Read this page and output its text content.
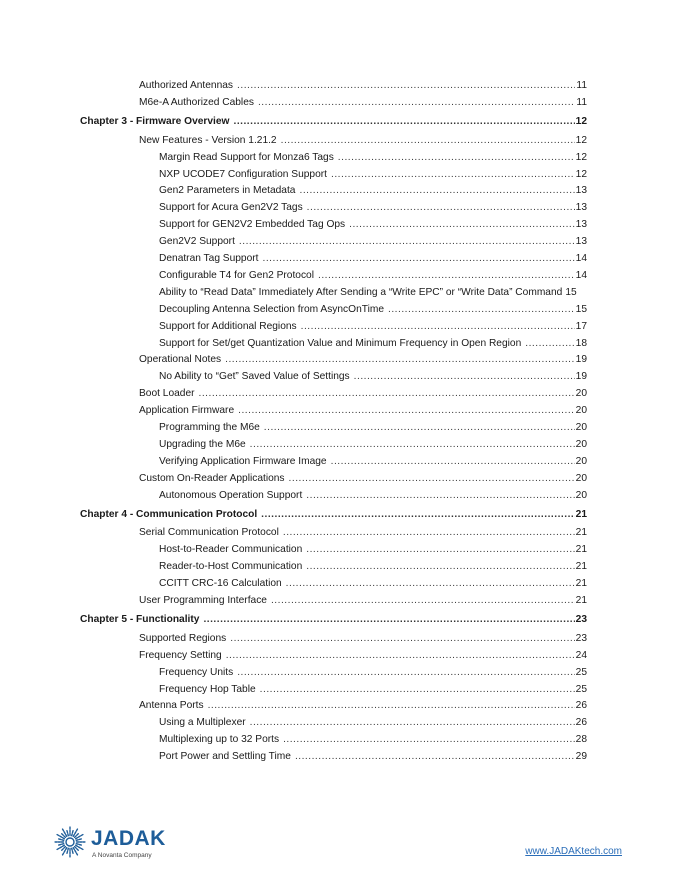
Authorized Antennas .....	11
M6e-A Authorized Cables .....	11
Chapter 3 - Firmware Overview .....	12
New Features - Version 1.21.2 .....	12
Margin Read Support for Monza6 Tags .....	12
NXP UCODE7 Configuration Support .....	12
Gen2 Parameters in Metadata .....	13
Support for Acura Gen2V2 Tags .....	13
Support for GEN2V2 Embedded Tag Ops .....	13
Gen2V2 Support .....	13
Denatran Tag Support .....	14
Configurable T4 for Gen2 Protocol .....	14
Ability to “Read Data” Immediately After Sending a “Write EPC” or “Write Data” Command 15
Decoupling Antenna Selection from AsyncOnTime .....	15
Support for Additional Regions .....	17
Support for Set/get Quantization Value and Minimum Frequency in Open Region .....	18
Operational Notes .....	19
No Ability to “Get” Saved Value of Settings .....	19
Boot Loader .....	20
Application Firmware .....	20
Programming the M6e .....	20
Upgrading the M6e .....	20
Verifying Application Firmware Image .....	20
Custom On-Reader Applications .....	20
Autonomous Operation Support .....	20
Chapter 4 - Communication Protocol .....	21
Serial Communication Protocol .....	21
Host-to-Reader Communication .....	21
Reader-to-Host Communication .....	21
CCITT CRC-16 Calculation .....	21
User Programming Interface .....	21
Chapter 5 - Functionality .....	23
Supported Regions .....	23
Frequency Setting .....	24
Frequency Units .....	25
Frequency Hop Table .....	25
Antenna Ports .....	26
Using a Multiplexer .....	26
Multiplexing up to 32 Ports .....	28
Port Power and Settling Time .....	29
JADAK
A Novanta Company	www.JADAKtech.com
